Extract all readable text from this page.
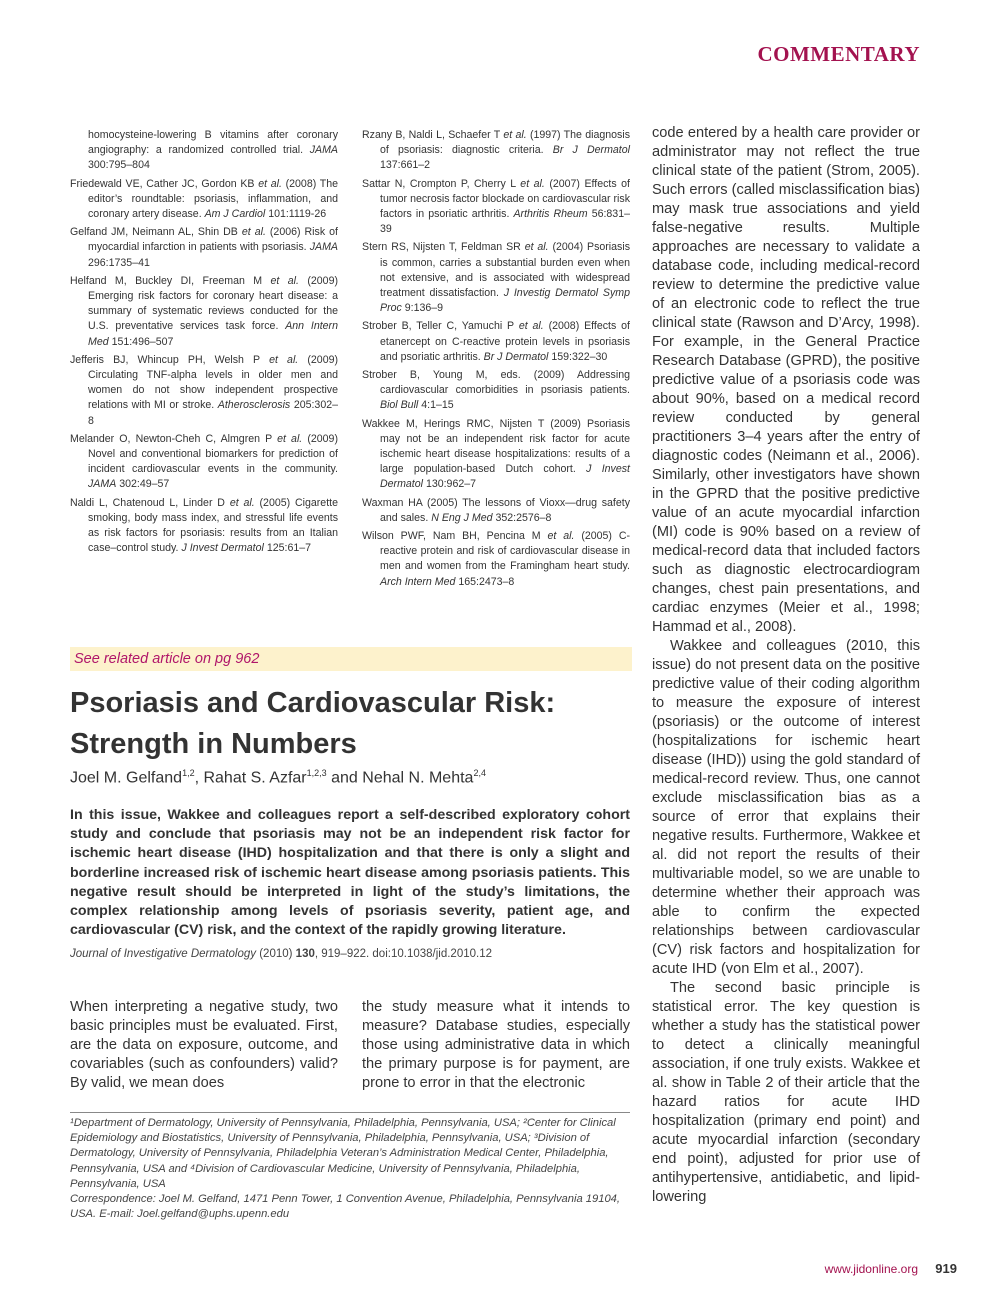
COMMENTARY
homocysteine-lowering B vitamins after coronary angiography: a randomized controlled trial. JAMA 300:795–804
Friedewald VE, Cather JC, Gordon KB et al. (2008) The editor’s roundtable: psoriasis, inflammation, and coronary artery disease. Am J Cardiol 101:1119-26
Gelfand JM, Neimann AL, Shin DB et al. (2006) Risk of myocardial infarction in patients with psoriasis. JAMA 296:1735–41
Helfand M, Buckley DI, Freeman M et al. (2009) Emerging risk factors for coronary heart disease: a summary of systematic reviews conducted for the U.S. preventative services task force. Ann Intern Med 151:496–507
Jefferis BJ, Whincup PH, Welsh P et al. (2009) Circulating TNF-alpha levels in older men and women do not show independent prospective relations with MI or stroke. Atherosclerosis 205:302–8
Melander O, Newton-Cheh C, Almgren P et al. (2009) Novel and conventional biomarkers for prediction of incident cardiovascular events in the community. JAMA 302:49–57
Naldi L, Chatenoud L, Linder D et al. (2005) Cigarette smoking, body mass index, and stressful life events as risk factors for psoriasis: results from an Italian case–control study. J Invest Dermatol 125:61–7
Rzany B, Naldi L, Schaefer T et al. (1997) The diagnosis of psoriasis: diagnostic criteria. Br J Dermatol 137:661–2
Sattar N, Crompton P, Cherry L et al. (2007) Effects of tumor necrosis factor blockade on cardiovascular risk factors in psoriatic arthritis. Arthritis Rheum 56:831–39
Stern RS, Nijsten T, Feldman SR et al. (2004) Psoriasis is common, carries a substantial burden even when not extensive, and is associated with widespread treatment dissatisfaction. J Investig Dermatol Symp Proc 9:136–9
Strober B, Teller C, Yamuchi P et al. (2008) Effects of etanercept on C-reactive protein levels in psoriasis and psoriatic arthritis. Br J Dermatol 159:322–30
Strober B, Young M, eds. (2009) Addressing cardiovascular comorbidities in psoriasis patients. Biol Bull 4:1–15
Wakkee M, Herings RMC, Nijsten T (2009) Psoriasis may not be an independent risk factor for acute ischemic heart disease hospitalizations: results of a large population-based Dutch cohort. J Invest Dermatol 130:962–7
Waxman HA (2005) The lessons of Vioxx—drug safety and sales. N Eng J Med 352:2576–8
Wilson PWF, Nam BH, Pencina M et al. (2005) C-reactive protein and risk of cardiovascular disease in men and women from the Framingham heart study. Arch Intern Med 165:2473–8
See related article on pg 962
Psoriasis and Cardiovascular Risk:
Strength in Numbers
Joel M. Gelfand$^{1,2}$, Rahat S. Azfar$^{1,2,3}$ and Nehal N. Mehta$^{2,4}$
In this issue, Wakkee and colleagues report a self-described exploratory cohort study and conclude that psoriasis may not be an independent risk factor for ischemic heart disease (IHD) hospitalization and that there is only a slight and borderline increased risk of ischemic heart disease among psoriasis patients. This negative result should be interpreted in light of the study’s limitations, the complex relationship among levels of psoriasis severity, patient age, and cardiovascular (CV) risk, and the context of the rapidly growing literature.
Journal of Investigative Dermatology (2010) 130, 919–922. doi:10.1038/jid.2010.12

When interpreting a negative study, two basic principles must be evaluated. First, are the data on exposure, outcome, and covariables (such as confounders) valid? By valid, we mean does

the study measure what it intends to measure? Database studies, especially those using administrative data in which the primary purpose is for payment, are prone to error in that the electronic

code entered by a health care provider or administrator may not reflect the true clinical state of the patient (Strom, 2005). Such errors (called misclassification bias) may mask true associations and yield false-negative results. Multiple approaches are necessary to validate a database code, including medical-record review to determine the predictive value of an electronic code to reflect the true clinical state (Rawson and D’Arcy, 1998). For example, in the General Practice Research Database (GPRD), the positive predictive value of a psoriasis code was about 90%, based on a medical record review conducted by general practitioners 3–4 years after the entry of diagnostic codes (Neimann et al., 2006). Similarly, other investigators have shown in the GPRD that the positive predictive value of an acute myocardial infarction (MI) code is 90% based on a review of medical-record data that included factors such as diagnostic electrocardiogram changes, chest pain presentations, and cardiac enzymes (Meier et al., 1998; Hammad et al., 2008).

Wakkee and colleagues (2010, this issue) do not present data on the positive predictive value of their coding algorithm to measure the exposure of interest (psoriasis) or the outcome of interest (hospitalizations for ischemic heart disease (IHD)) using the gold standard of medical-record review. Thus, one cannot exclude misclassification bias as a source of error that explains their negative results. Furthermore, Wakkee et al. did not report the results of their multivariable model, so we are unable to determine whether their approach was able to confirm the expected relationships between cardiovascular (CV) risk factors and hospitalization for acute IHD (von Elm et al., 2007).

The second basic principle is statistical error. The key question is whether a study has the statistical power to detect a clinically meaningful association, if one truly exists. Wakkee et al. show in Table 2 of their article that the hazard ratios for acute IHD hospitalization (primary end point) and acute myocardial infarction (secondary end point), adjusted for prior use of antihypertensive, antidiabetic, and lipid-lowering

¹Department of Dermatology, University of Pennsylvania, Philadelphia, Pennsylvania, USA; ²Center for Clinical Epidemiology and Biostatistics, University of Pennsylvania, Philadelphia, Pennsylvania, USA; ³Division of Dermatology, University of Pennsylvania, Philadelphia Veteran’s Administration Medical Center, Philadelphia, Pennsylvania, USA and ⁴Division of Cardiovascular Medicine, University of Pennsylvania, Philadelphia, Pennsylvania, USA
Correspondence: Joel M. Gelfand, 1471 Penn Tower, 1 Convention Avenue, Philadelphia, Pennsylvania 19104, USA. E-mail: Joel.gelfand@uphs.upenn.edu
www.jidonline.org 919
